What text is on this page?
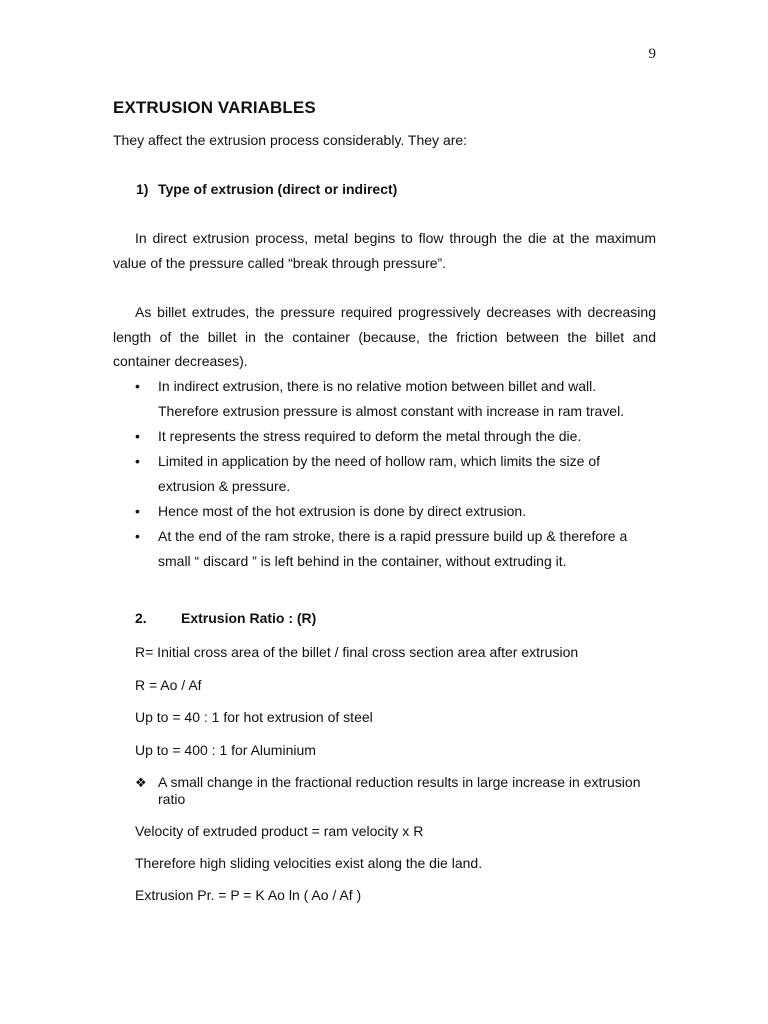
9
EXTRUSION VARIABLES

They affect the extrusion process considerably. They are:

1) Type of extrusion (direct or indirect)

In direct extrusion process, metal begins to flow through the die at the maximum value of the pressure called “break through pressure”.

As billet extrudes, the pressure required progressively decreases with decreasing length of the billet in the container (because, the friction between the billet and container decreases).

• In indirect extrusion, there is no relative motion between billet and wall. Therefore extrusion pressure is almost constant with increase in ram travel.
• It represents the stress required to deform the metal through the die.
• Limited in application by the need of hollow ram, which limits the size of extrusion & pressure.
• Hence most of the hot extrusion is done by direct extrusion.
• At the end of the ram stroke, there is a rapid pressure build up & therefore a small “ discard ” is left behind in the container, without extruding it.
2. Extrusion Ratio : (R)

R= Initial cross area of the billet / final cross section area after extrusion

R = Ao / Af

Up to = 40 : 1 for hot extrusion of steel

Up to = 400 : 1 for Aluminium

❖ A small change in the fractional reduction results in large increase in extrusion ratio

Velocity of extruded product = ram velocity x R

Therefore high sliding velocities exist along the die land.

Extrusion Pr. = P = K Ao ln ( Ao / Af )
